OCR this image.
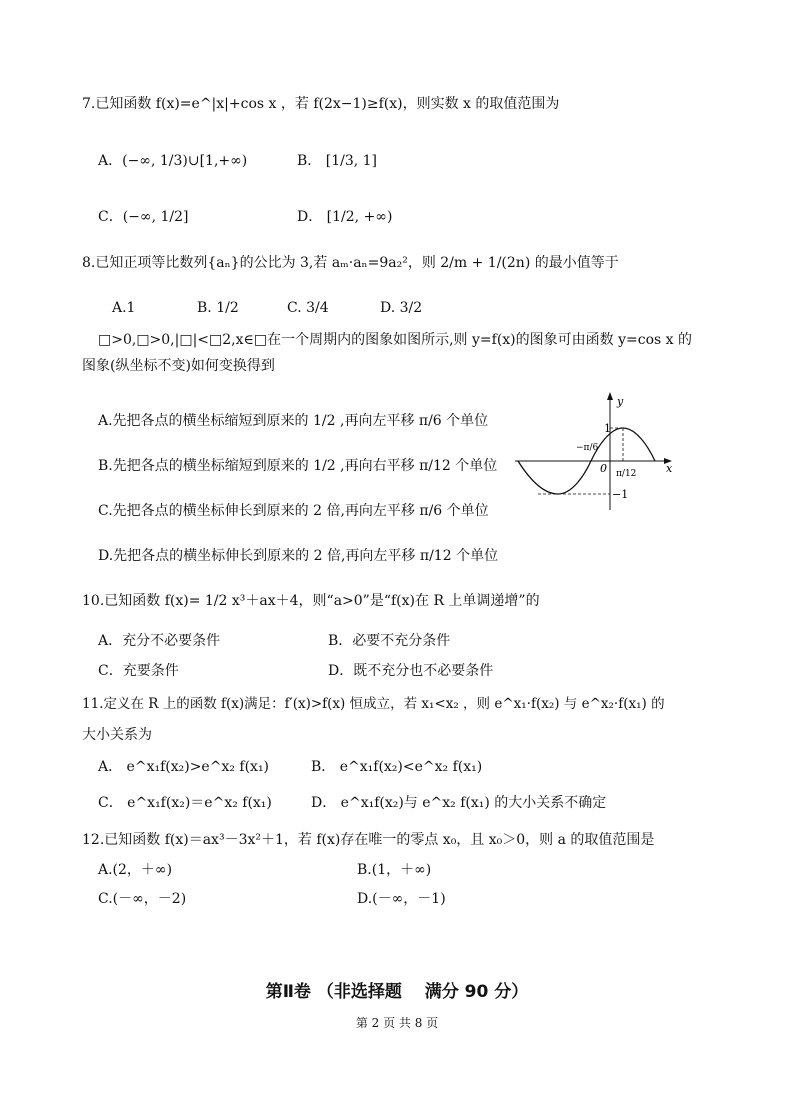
7.已知函数 f(x)=e^|x|+cos x ，若 f(2x−1)≥f(x)，则实数 x 的取值范围为
A．(−∞, 1/3)∪[1,+∞)	B． [1/3, 1]
C．(−∞, 1/2]	D． [1/2, +∞)
8.已知正项等比数列{aₙ}的公比为 3,若 aₘ·aₙ=9a₂²，则 2/m + 1/(2n) 的最小值等于
A.1	B. 1/2	C. 3/4	D. 3/2
□>0,□>0,|□|<□2,x∈□在一个周期内的图象如图所示,则 y=f(x)的图象可由函数 y=cos x 的
图象(纵坐标不变)如何变换得到
A.先把各点的横坐标缩短到原来的 1/2 ,再向左平移 π/6 个单位
B.先把各点的横坐标缩短到原来的 1/2 ,再向右平移 π/12 个单位
C.先把各点的横坐标伸长到原来的 2 倍,再向左平移 π/6 个单位
D.先把各点的横坐标伸长到原来的 2 倍,再向左平移 π/12 个单位
y
x
0
1
−1
−π/6
π/12
10.已知函数 f(x)= 1/2 x³＋ax＋4，则“a>0”是“f(x)在 R 上单调递增”的
A．充分不必要条件	B．必要不充分条件
C．充要条件	D．既不充分也不必要条件
11.定义在 R 上的函数 f(x)满足：f′(x)>f(x) 恒成立，若 x₁<x₂ ，则 e^x₁·f(x₂) 与 e^x₂·f(x₁) 的
大小关系为
A． e^x₁f(x₂)>e^x₂ f(x₁)	B． e^x₁f(x₂)<e^x₂ f(x₁)
C． e^x₁f(x₂)＝e^x₂ f(x₁)	D． e^x₁f(x₂)与 e^x₂ f(x₁) 的大小关系不确定
12.已知函数 f(x)＝ax³－3x²＋1，若 f(x)存在唯一的零点 x₀，且 x₀＞0，则 a 的取值范围是
A.(2，＋∞)	B.(1，＋∞)
C.(－∞，－2)	D.(－∞，－1)
第Ⅱ卷 （非选择题　 满分 90 分）
第 2 页 共 8 页
